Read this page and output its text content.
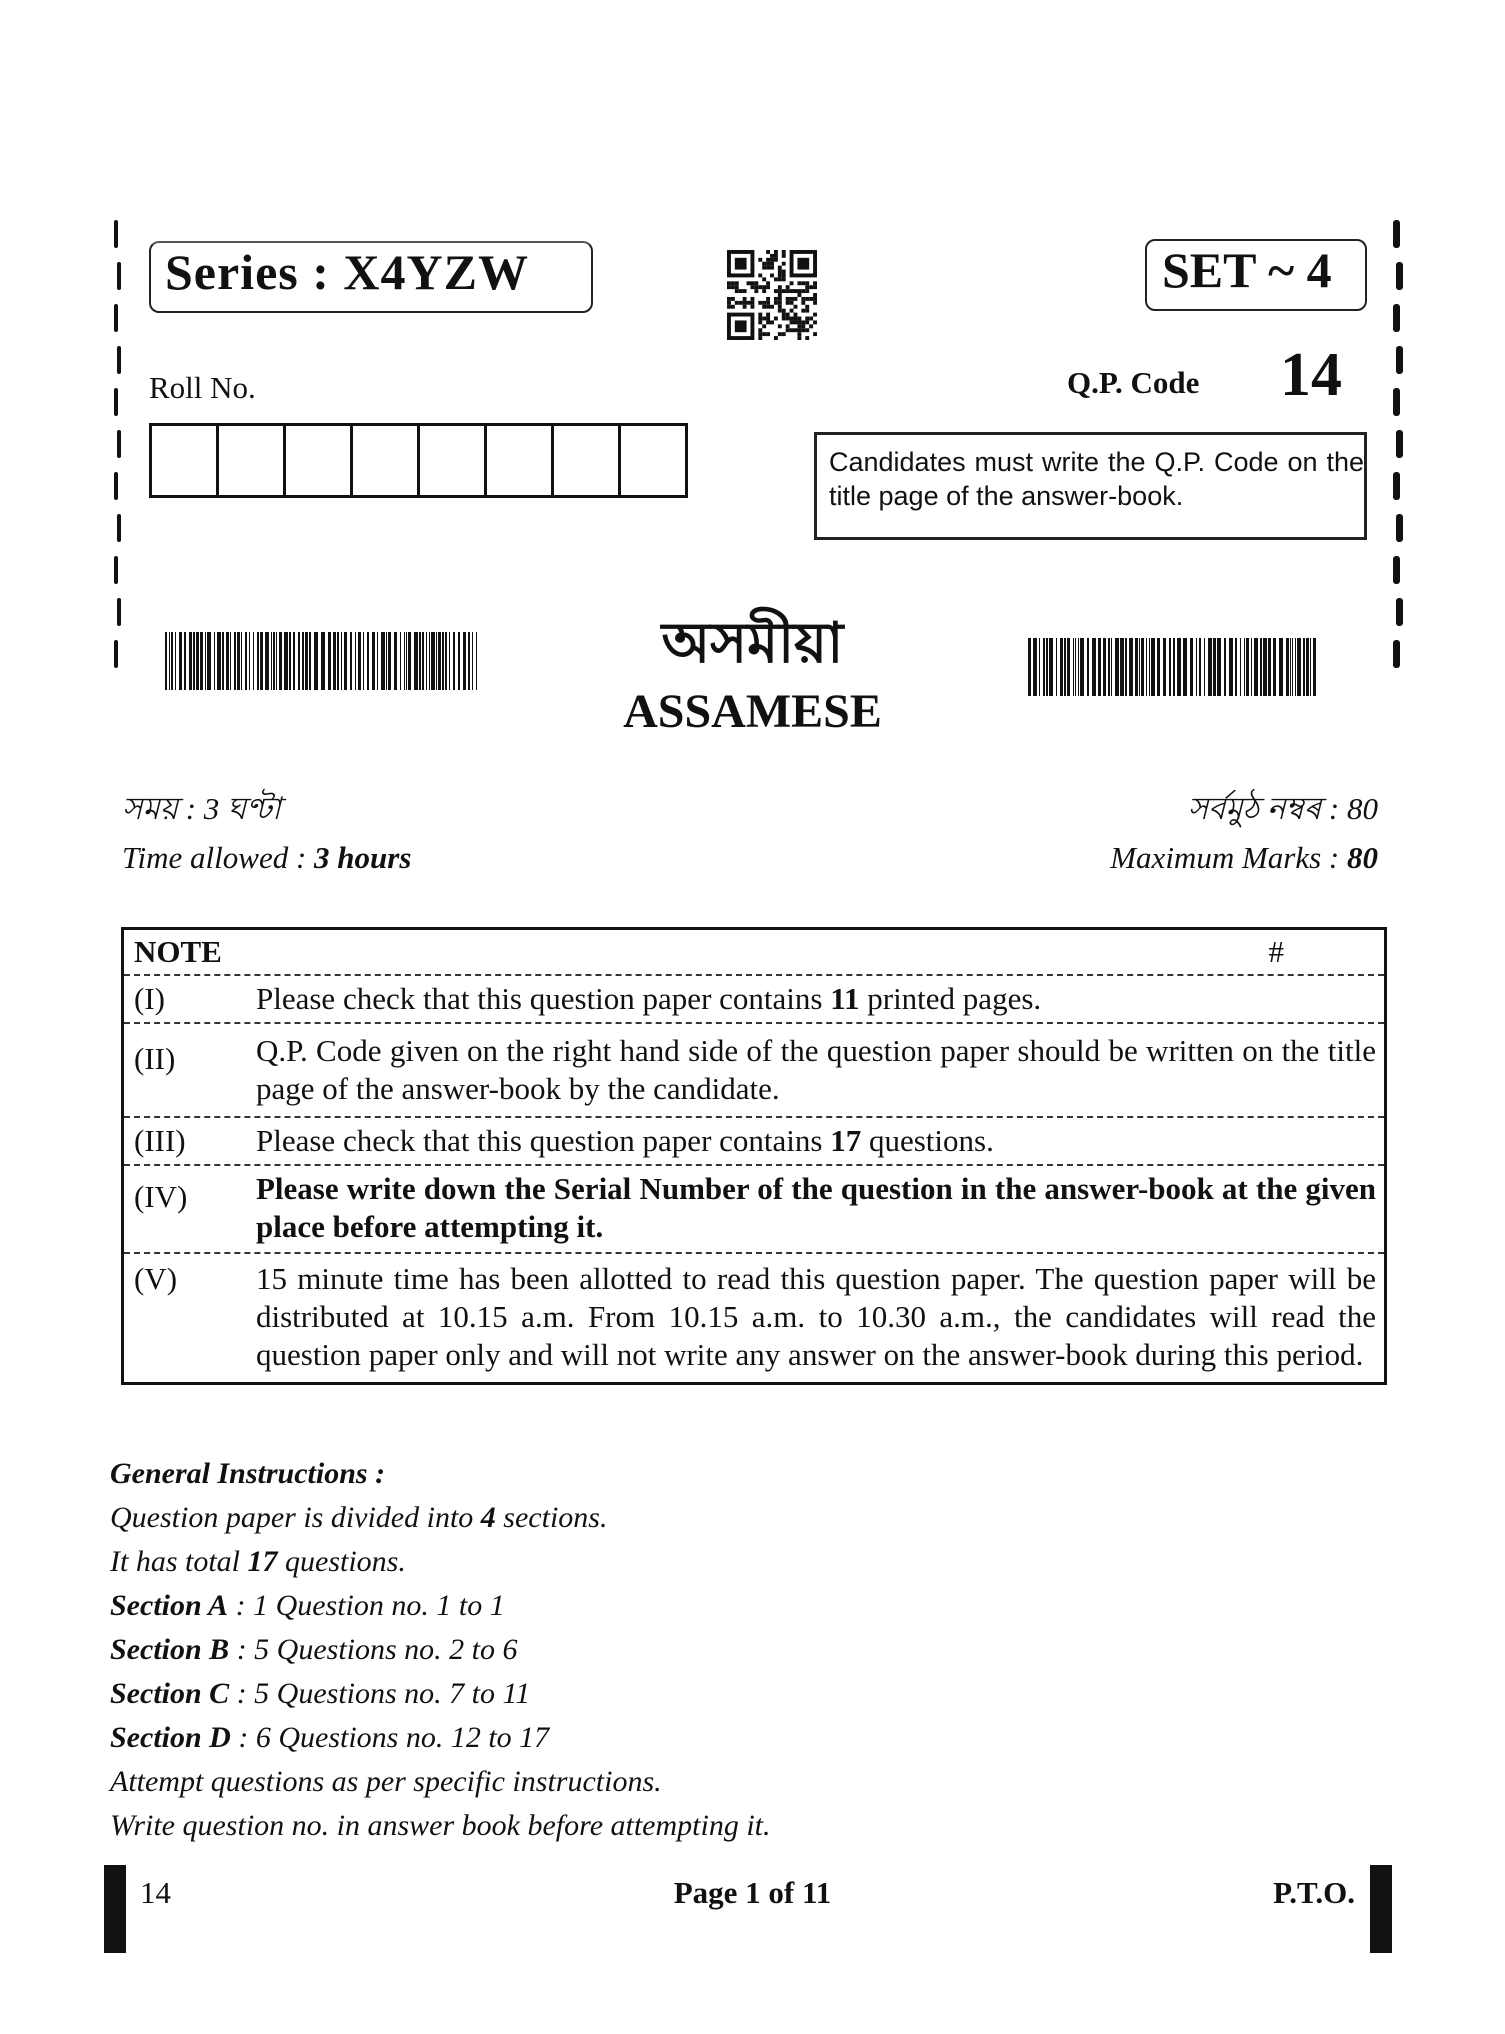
Series : X4YZW	SET ~ 4
Roll No.	Q.P. Code 14
Candidates must write the Q.P. Code on the title page of the answer-book.
অসমীয়া
ASSAMESE
সময় : 3 ঘণ্টা	সৰ্বমুঠ নম্বৰ : 80
Time allowed : 3 hours	Maximum Marks : 80
NOTE	#
(I)	Please check that this question paper contains 11 printed pages.
(II)	Q.P. Code given on the right hand side of the question paper should be written on the title page of the answer-book by the candidate.
(III)	Please check that this question paper contains 17 questions.
(IV)	Please write down the Serial Number of the question in the answer-book at the given place before attempting it.
(V)	15 minute time has been allotted to read this question paper. The question paper will be distributed at 10.15 a.m. From 10.15 a.m. to 10.30 a.m., the candidates will read the question paper only and will not write any answer on the answer-book during this period.
General Instructions :
Question paper is divided into 4 sections.
It has total 17 questions.
Section A : 1 Question no. 1 to 1
Section B : 5 Questions no. 2 to 6
Section C : 5 Questions no. 7 to 11
Section D : 6 Questions no. 12 to 17
Attempt questions as per specific instructions.
Write question no. in answer book before attempting it.
14	Page 1 of 11	P.T.O.
